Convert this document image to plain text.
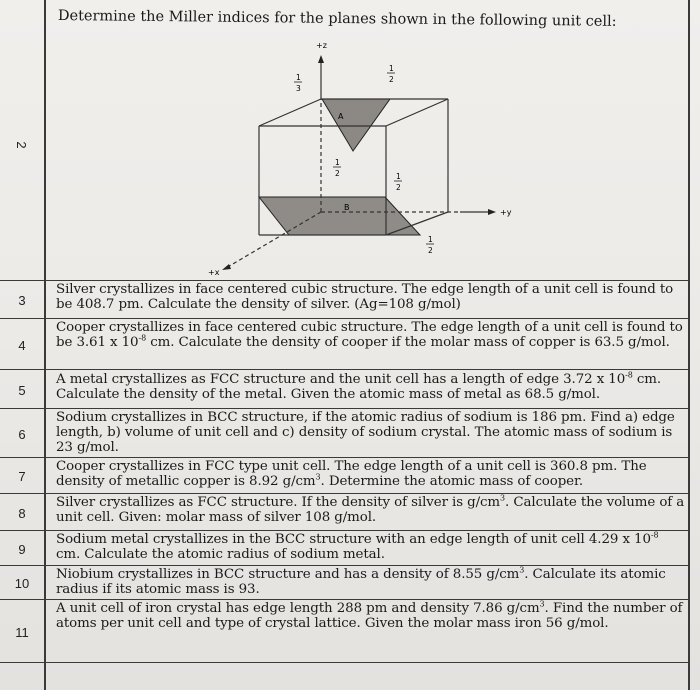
2
3
4
5
6
7
8
9
10
11
Determine the Miller indices for the planes shown in the following unit cell:
+z
+y
+x
A
B
1
3
1
2
1
2	1
2
1
2
Silver crystallizes in face centered cubic structure. The edge length of a unit cell is found to be 408.7 pm. Calculate the density of silver. (Ag=108 g/mol)
Cooper crystallizes in face centered cubic structure. The edge length of a unit cell is found to be 3.61 x $10^{-8}$ cm. Calculate the density of cooper if the molar mass of copper is 63.5 g/mol.
A metal crystallizes as FCC structure and the unit cell has a length of edge 3.72 x $10^{-8}$ cm. Calculate the density of the metal. Given the atomic mass of metal as 68.5 g/mol.
Sodium crystallizes in BCC structure, if the atomic radius of sodium is 186 pm. Find a) edge length, b) volume of unit cell and c) density of sodium crystal. The atomic mass of sodium is 23 g/mol.
Cooper crystallizes in FCC type unit cell. The edge length of a unit cell is 360.8 pm. The density of metallic copper is 8.92 $g/cm^3$. Determine the atomic mass of cooper.
Silver crystallizes as FCC structure. If the density of silver is $g/cm^3$. Calculate the volume of a unit cell. Given: molar mass of silver 108 g/mol.
Sodium metal crystallizes in the BCC structure with an edge length of unit cell 4.29 x $10^{-8}$ cm. Calculate the atomic radius of sodium metal.
Niobium crystallizes in BCC structure and has a density of 8.55 $g/cm^3$. Calculate its atomic radius if its atomic mass is 93.
A unit cell of iron crystal has edge length 288 pm and density 7.86 $g/cm^3$. Find the number of atoms per unit cell and type of crystal lattice. Given the molar mass iron 56 g/mol.
